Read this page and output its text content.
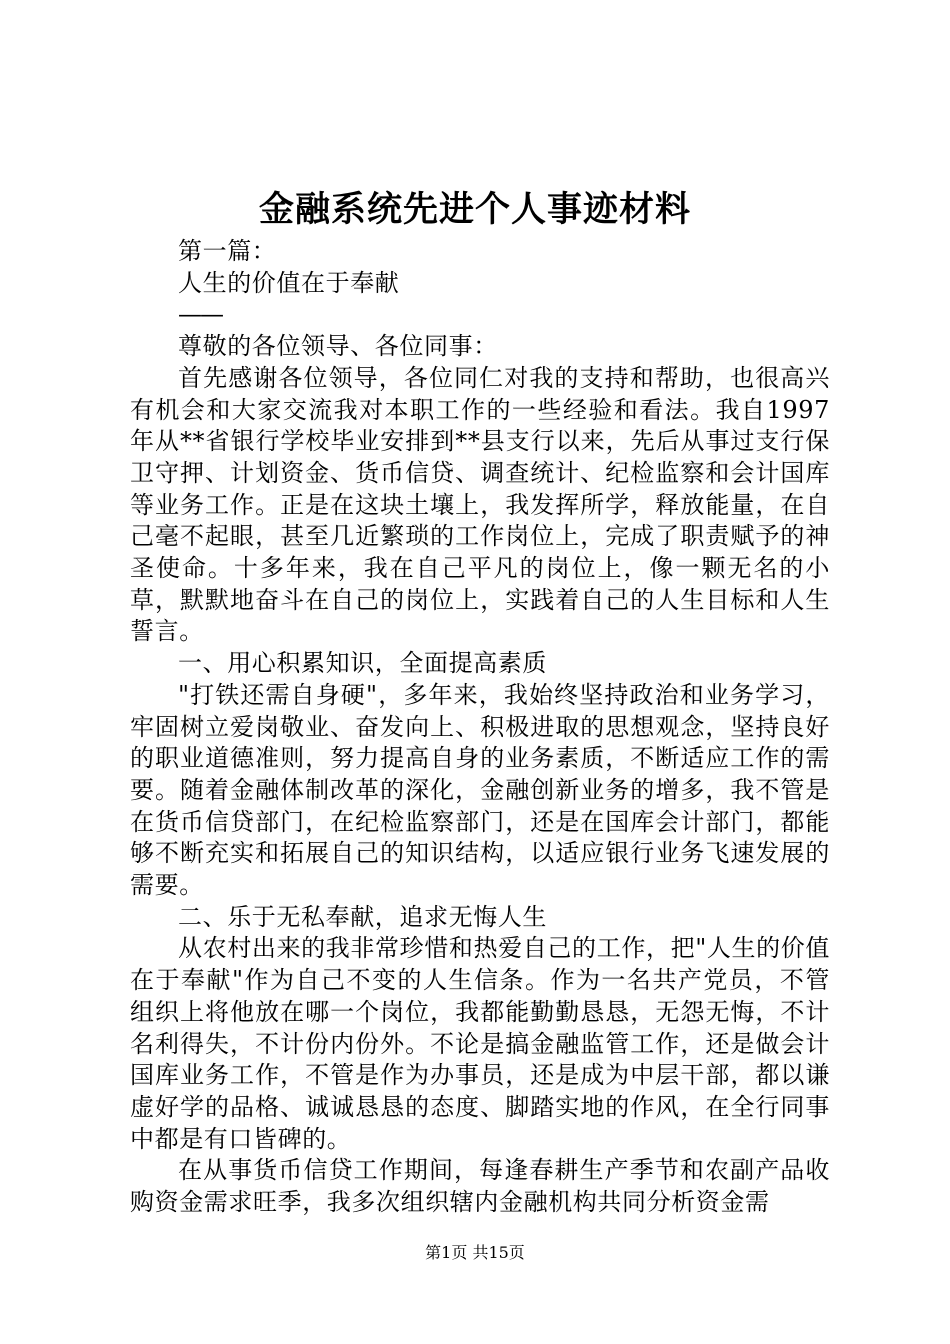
金融系统先进个人事迹材料

第一篇：

人生的价值在于奉献

——

尊敬的各位领导、各位同事：

首先感谢各位领导，各位同仁对我的支持和帮助，也很高兴有机会和大家交流我对本职工作的一些经验和看法。我自1997年从**省银行学校毕业安排到**县支行以来，先后从事过支行保卫守押、计划资金、货币信贷、调查统计、纪检监察和会计国库等业务工作。正是在这块土壤上，我发挥所学，释放能量，在自己毫不起眼，甚至几近繁琐的工作岗位上，完成了职责赋予的神圣使命。十多年来，我在自己平凡的岗位上，像一颗无名的小草，默默地奋斗在自己的岗位上，实践着自己的人生目标和人生誓言。

一、用心积累知识，全面提高素质

"打铁还需自身硬"，多年来，我始终坚持政治和业务学习，牢固树立爱岗敬业、奋发向上、积极进取的思想观念，坚持良好的职业道德准则，努力提高自身的业务素质，不断适应工作的需要。随着金融体制改革的深化，金融创新业务的增多，我不管是在货币信贷部门，在纪检监察部门，还是在国库会计部门，都能够不断充实和拓展自己的知识结构，以适应银行业务飞速发展的需要。

二、乐于无私奉献，追求无悔人生

从农村出来的我非常珍惜和热爱自己的工作，把"人生的价值在于奉献"作为自己不变的人生信条。作为一名共产党员，不管组织上将他放在哪一个岗位，我都能勤勤恳恳，无怨无悔，不计名利得失，不计份内份外。不论是搞金融监管工作，还是做会计国库业务工作，不管是作为办事员，还是成为中层干部，都以谦虚好学的品格、诚诚恳恳的态度、脚踏实地的作风，在全行同事中都是有口皆碑的。

在从事货币信贷工作期间，每逢春耕生产季节和农副产品收购资金需求旺季，我多次组织辖内金融机构共同分析资金需

第1页 共15页
